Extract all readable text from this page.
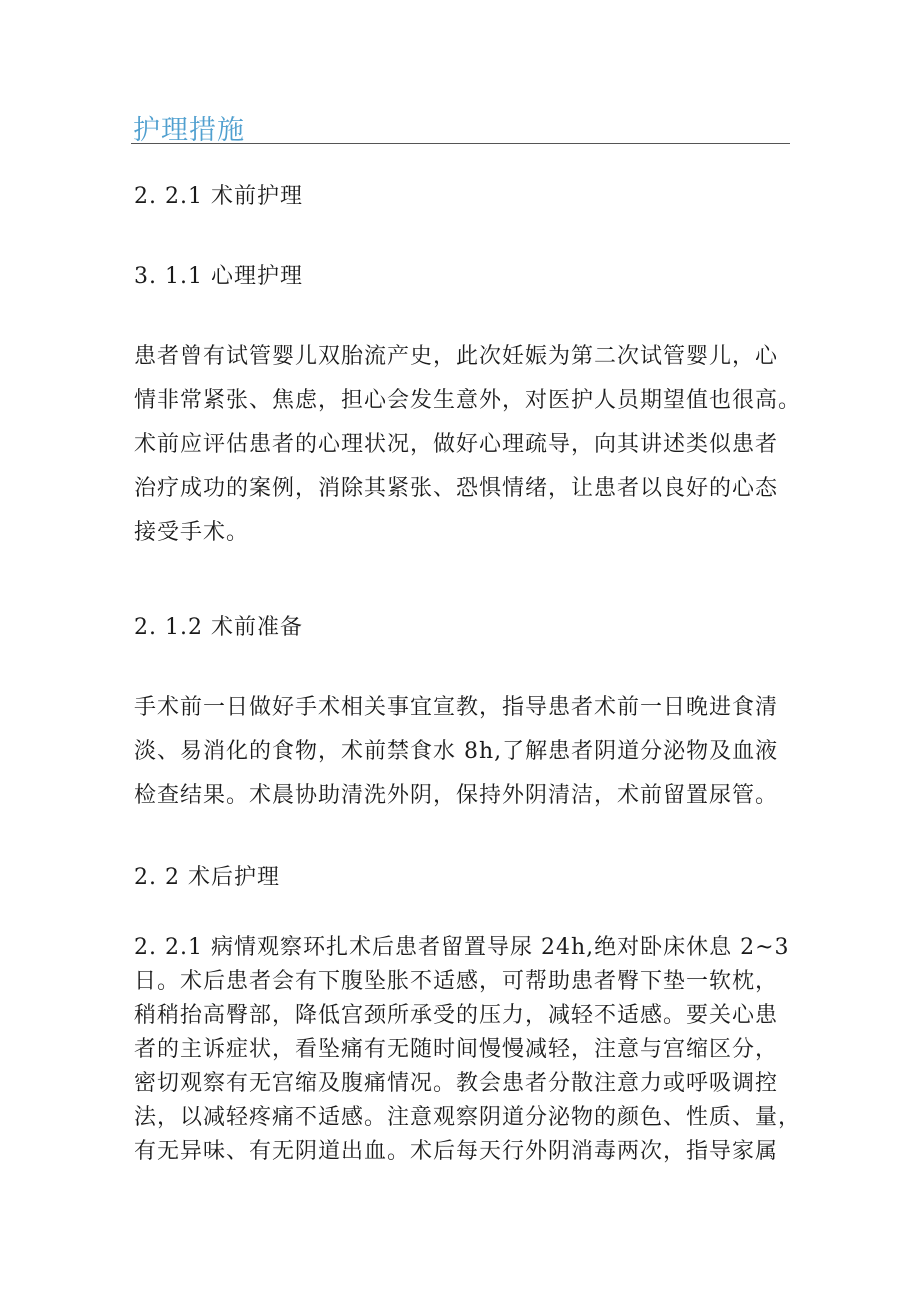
护理措施
2. 2.1 术前护理
3. 1.1 心理护理
患者曾有试管婴儿双胎流产史，此次妊娠为第二次试管婴儿，心
情非常紧张、焦虑，担心会发生意外，对医护人员期望值也很高。
术前应评估患者的心理状况，做好心理疏导，向其讲述类似患者
治疗成功的案例，消除其紧张、恐惧情绪，让患者以良好的心态
接受手术。
2. 1.2 术前准备
手术前一日做好手术相关事宜宣教，指导患者术前一日晚进食清
淡、易消化的食物，术前禁食水 8h,了解患者阴道分泌物及血液
检查结果。术晨协助清洗外阴，保持外阴清洁，术前留置尿管。
2. 2 术后护理
2. 2.1 病情观察环扎术后患者留置导尿 24h,绝对卧床休息 2~3
日。术后患者会有下腹坠胀不适感，可帮助患者臀下垫一软枕，
稍稍抬高臀部，降低宫颈所承受的压力，减轻不适感。要关心患
者的主诉症状，看坠痛有无随时间慢慢减轻，注意与宫缩区分，
密切观察有无宫缩及腹痛情况。教会患者分散注意力或呼吸调控
法，以减轻疼痛不适感。注意观察阴道分泌物的颜色、性质、量，
有无异味、有无阴道出血。术后每天行外阴消毒两次，指导家属
